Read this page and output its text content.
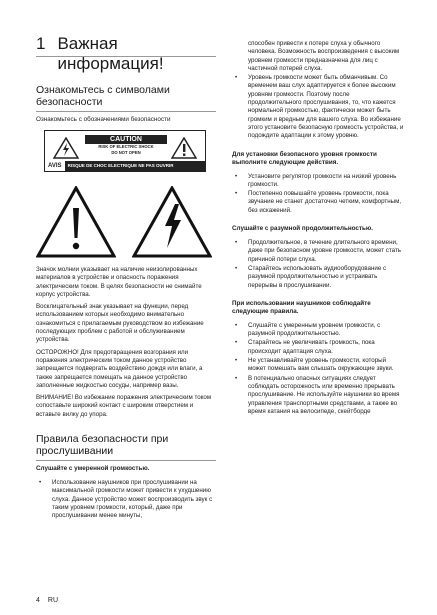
1 Важная информация!
Ознакомьтесь с символами безопасности
Ознакомьтесь с обозначениями безопасности
CAUTION
RISK OF ELECTRIC SHOCK
DO NOT OPEN
AVIS RISQUE DE CHOC ELECTRIQUE NE PAS OUVRIR
Значок молнии указывает на наличие неизолированных материалов в устройстве и опасность поражения электрическим током. В целях безопасности не снимайте корпус устройства.
Восклицательный знак указывает на функции, перед использованием которых необходимо внимательно ознакомиться с прилагаемым руководством во избежание последующих проблем с работой и обслуживанием устройства.
ОСТОРОЖНО! Для предотвращения возгорания или поражения электрическим током данное устройство запрещается подвергать воздействию дождя или влаги, а также запрещается помещать на данное устройство заполненные жидкостью сосуды, например вазы.
ВНИМАНИЕ! Во избежание поражения электрическим током сопоставьте широкий контакт с широким отверстием и вставьте вилку до упора.
Правила безопасности при прослушивании
Слушайте с умеренной громкостью.
• Использование наушников при прослушивании на максимальной громкости может привести к ухудшению слуха. Данное устройство может воспроизводить звук с таким уровнем громкости, который, даже при прослушивании менее минуты,
способен привести к потере слуха у обычного человека. Возможность воспроизведения с высоким уровнем громкости предназначена для лиц с частичной потерей слуха.
• Уровень громкости может быть обманчивым. Со временем ваш слух адаптируется к более высоким уровням громкости. Поэтому после продолжительного прослушивания, то, что кажется нормальной громкостью, фактически может быть громким и вредным для вашего слуха. Во избежание этого установите безопасную громкость устройства, и подождите адаптации к этому уровню.
Для установки безопасного уровня громкости выполните следующие действия.
• Установите регулятор громкости на низкий уровень громкости.
• Постепенно повышайте уровень громкости, пока звучание не станет достаточно четким, комфортным, без искажений.
Слушайте с разумной продолжительностью.
• Продолжительное, в течение длительного времени, даже при безопасном уровне громкости, может стать причиной потери слуха.
• Старайтесь использовать аудиооборудование с разумной продолжительностью и устраивать перерывы в прослушивании.
При использовании наушников соблюдайте следующие правила.
• Слушайте с умеренным уровнем громкости, с разумной продолжительностью.
• Старайтесь не увеличивать громкость, пока происходит адаптация слуха.
• Не устанавливайте уровень громкости, который может помешать вам слышать окружающие звуки.
• В потенциально опасных ситуациях следует соблюдать осторожность или временно прерывать прослушивание. Не используйте наушники во время управления транспортными средствами, а также во время катания на велосипеде, скейтборде
4 RU
